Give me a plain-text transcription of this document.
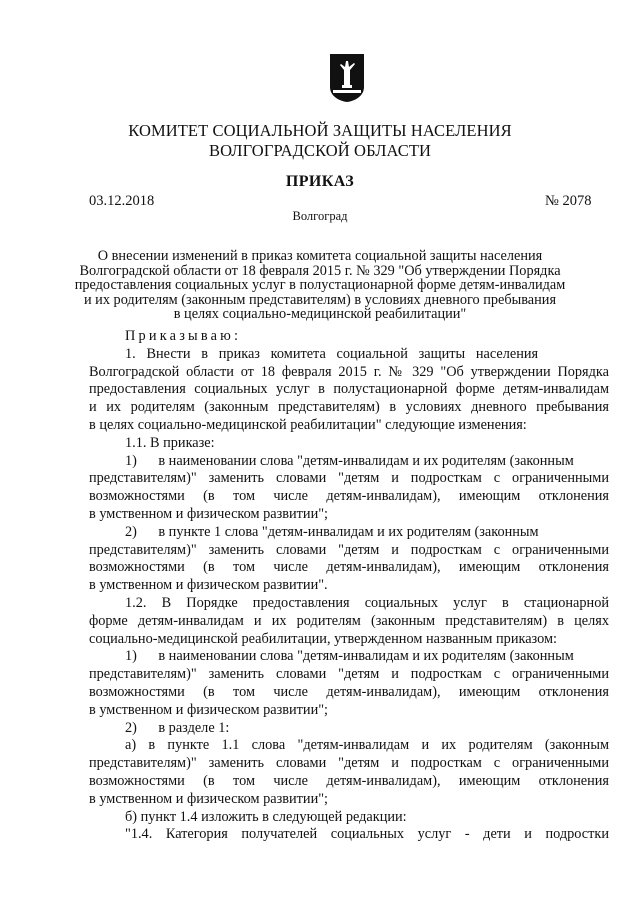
КОМИТЕТ СОЦИАЛЬНОЙ ЗАЩИТЫ НАСЕЛЕНИЯ
ВОЛГОГРАДСКОЙ ОБЛАСТИ
ПРИКАЗ
03.12.2018	№ 2078
Волгоград
О внесении изменений в приказ комитета социальной защиты населения
Волгоградской области от 18 февраля 2015 г. № 329 "Об утверждении Порядка
предоставления социальных услуг в полустационарной форме детям-инвалидам
и их родителям (законным представителям) в условиях дневного пребывания
в целях социально-медицинской реабилитации"
Приказываю:
1.   Внести   в   приказ   комитета   социальной   защиты   населения
Волгоградской области от 18 февраля 2015 г. № 329 "Об утверждении Порядка
предоставления социальных услуг в полустационарной форме детям-инвалидам
и их родителям (законным представителям) в условиях дневного пребывания
в целях социально-медицинской реабилитации" следующие изменения:
1.1. В приказе:
1)      в наименовании слова "детям-инвалидам и их родителям (законным
представителям)" заменить словами "детям и подросткам с ограниченными
возможностями (в том числе детям-инвалидам), имеющим отклонения
в умственном и физическом развитии";
2)      в пункте 1 слова "детям-инвалидам и их родителям (законным
представителям)" заменить словами "детям и подросткам с ограниченными
возможностями (в том числе детям-инвалидам), имеющим отклонения
в умственном и физическом развитии".
1.2. В Порядке предоставления социальных услуг в стационарной
форме детям-инвалидам и их родителям (законным представителям) в целях
социально-медицинской реабилитации, утвержденном названным приказом:
1)      в наименовании слова "детям-инвалидам и их родителям (законным
представителям)" заменить словами "детям и подросткам с ограниченными
возможностями (в том числе детям-инвалидам), имеющим отклонения
в умственном и физическом развитии";
2)      в разделе 1:
а) в пункте 1.1 слова "детям-инвалидам и их родителям (законным
представителям)" заменить словами "детям и подросткам с ограниченными
возможностями (в том числе детям-инвалидам), имеющим отклонения
в умственном и физическом развитии";
б) пункт 1.4 изложить в следующей редакции:
"1.4. Категория получателей социальных услуг - дети и подростки
